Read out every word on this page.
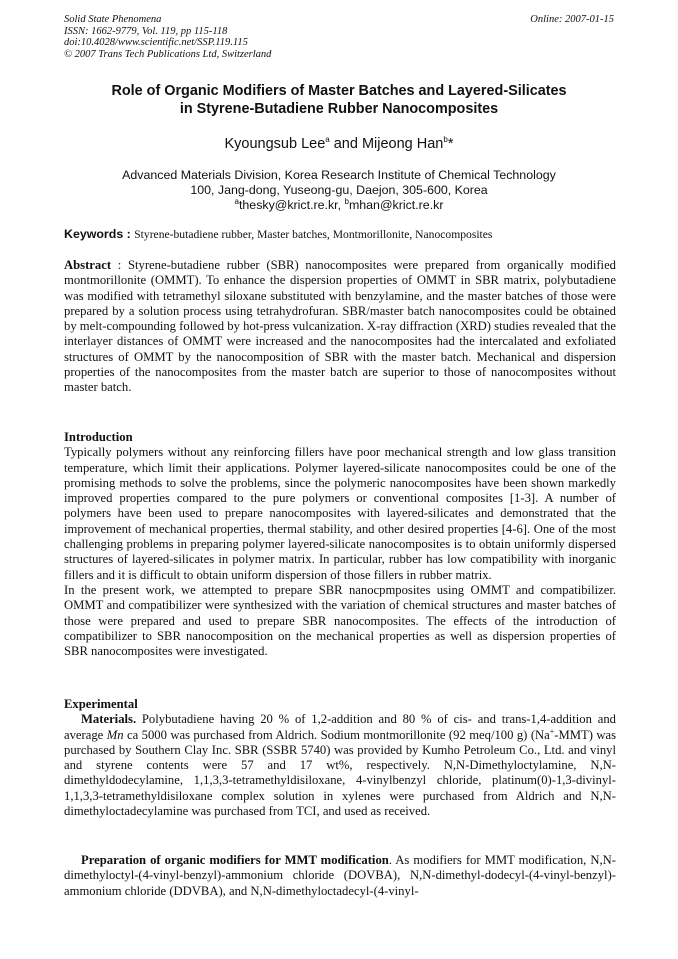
Solid State Phenomena
ISSN: 1662-9779, Vol. 119, pp 115-118
doi:10.4028/www.scientific.net/SSP.119.115
© 2007 Trans Tech Publications Ltd, Switzerland
Online: 2007-01-15
Role of Organic Modifiers of Master Batches and Layered-Silicates
in Styrene-Butadiene Rubber Nanocomposites
Kyoungsub Lee$^a$ and Mijeong Han$^b$*
Advanced Materials Division, Korea Research Institute of Chemical Technology
100, Jang-dong, Yuseong-gu, Daejon, 305-600, Korea
$^a$thesky@krict.re.kr, $^b$mhan@krict.re.kr
Keywords : Styrene-butadiene rubber, Master batches, Montmorillonite, Nanocomposites
Abstract : Styrene-butadiene rubber (SBR) nanocomposites were prepared from organically modified montmorillonite (OMMT). To enhance the dispersion properties of OMMT in SBR matrix, polybutadiene was modified with tetramethyl siloxane substituted with benzylamine, and the master batches of those were prepared by a solution process using tetrahydrofuran. SBR/master batch nanocomposites could be obtained by melt-compounding followed by hot-press vulcanization. X-ray diffraction (XRD) studies revealed that the interlayer distances of OMMT were increased and the nanocomposites had the intercalated and exfoliated structures of OMMT by the nanocomposition of SBR with the master batch. Mechanical and dispersion properties of the nanocomposites from the master batch are superior to those of nanocomposites without master batch.
Introduction
Typically polymers without any reinforcing fillers have poor mechanical strength and low glass transition temperature, which limit their applications. Polymer layered-silicate nanocomposites could be one of the promising methods to solve the problems, since the polymeric nanocomposites have been shown markedly improved properties compared to the pure polymers or conventional composites [1-3]. A number of polymers have been used to prepare nanocomposites with layered-silicates and demonstrated that the improvement of mechanical properties, thermal stability, and other desired properties [4-6]. One of the most challenging problems in preparing polymer layered-silicate nanocomposites is to obtain uniformly dispersed structures of layered-silicates in polymer matrix. In particular, rubber has low compatibility with inorganic fillers and it is difficult to obtain uniform dispersion of those fillers in rubber matrix.
In the present work, we attempted to prepare SBR nanocpmposites using OMMT and compatibilizer. OMMT and compatibilizer were synthesized with the variation of chemical structures and master batches of those were prepared and used to prepare SBR nanocomposites. The effects of the introduction of compatibilizer to SBR nanocomposition on the mechanical properties as well as dispersion properties of SBR nanocomposites were investigated.
Experimental
Materials. Polybutadiene having 20 % of 1,2-addition and 80 % of cis- and trans-1,4-addition and average Mn ca 5000 was purchased from Aldrich. Sodium montmorillonite (92 meq/100 g) (Na+-MMT) was purchased by Southern Clay Inc. SBR (SSBR 5740) was provided by Kumho Petroleum Co., Ltd. and vinyl and styrene contents were 57 and 17 wt%, respectively. N,N-Dimethyloctylamine, N,N-dimethyldodecylamine, 1,1,3,3-tetramethyldisiloxane, 4-vinylbenzyl chloride, platinum(0)-1,3-divinyl-1,1,3,3-tetramethyldisiloxane complex solution in xylenes were purchased from Aldrich and N,N-dimethyloctadecylamine was purchased from TCI, and used as received.
Preparation of organic modifiers for MMT modification. As modifiers for MMT modification, N,N-dimethyloctyl-(4-vinyl-benzyl)-ammonium chloride (DOVBA), N,N-dimethyl-dodecyl-(4-vinyl-benzyl)-ammonium chloride (DDVBA), and N,N-dimethyloctadecyl-(4-vinyl-
